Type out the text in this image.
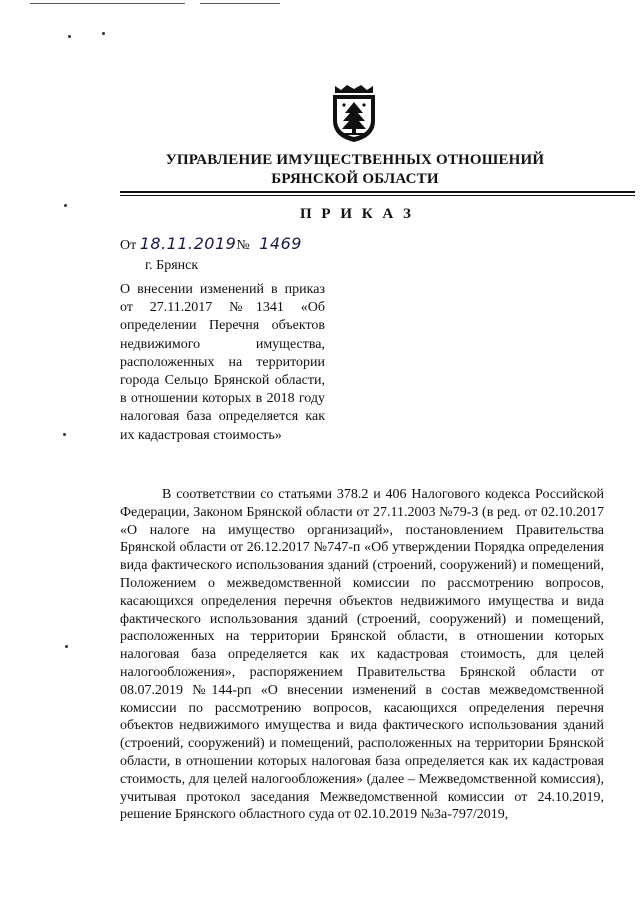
УПРАВЛЕНИЕ ИМУЩЕСТВЕННЫХ ОТНОШЕНИЙ
БРЯНСКОЙ ОБЛАСТИ
П Р И К А З
От 18.11.2019№ 1469
г. Брянск
О внесении изменений в приказ от 27.11.2017 №1341 «Об определении Перечня объектов недвижимого имущества, расположенных на территории города Сельцо Брянской области, в отношении которых в 2018 году налоговая база определяется как их кадастровая стоимость»
В соответствии со статьями 378.2 и 406 Налогового кодекса Российской Федерации, Законом Брянской области от 27.11.2003 №79-З (в ред. от 02.10.2017 «О налоге на имущество организаций», постановлением Правительства Брянской области от 26.12.2017 №747-п «Об утверждении Порядка определения вида фактического использования зданий (строений, сооружений) и помещений, Положением о межведомственной комиссии по рассмотрению вопросов, касающихся определения перечня объектов недвижимого имущества и вида фактического использования зданий (строений, сооружений) и помещений, расположенных на территории Брянской области, в отношении которых налоговая база определяется как их кадастровая стоимость, для целей налогообложения», распоряжением Правительства Брянской области от 08.07.2019 №144-рп «О внесении изменений в состав межведомственной комиссии по рассмотрению вопросов, касающихся определения перечня объектов недвижимого имущества и вида фактического использования зданий (строений, сооружений) и помещений, расположенных на территории Брянской области, в отношении которых налоговая база определяется как их кадастровая стоимость, для целей налогообложения» (далее – Межведомственной комиссия), учитывая протокол заседания Межведомственной комиссии от 24.10.2019, решение Брянского областного суда от 02.10.2019 №3а-797/2019,
